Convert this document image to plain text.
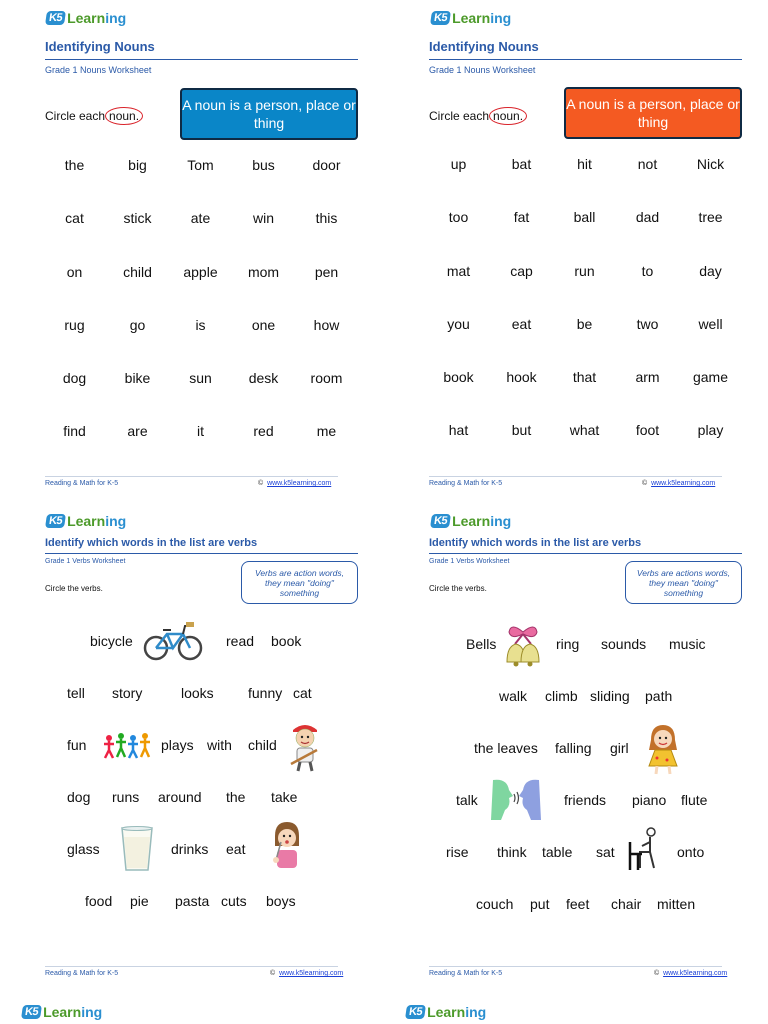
K5 Learning
Identifying Nouns
Grade 1 Nouns Worksheet
Circle each noun.
A noun is a person, place or thing
the	big	Tom	bus	door
cat	stick	ate	win	this
on	child	apple	mom	pen
rug	go	is	one	how
dog	bike	sun	desk	room
find	are	it	red	me
Reading & Math for K-5	© www.k5learning.com
K5 Learning
Identifying Nouns
Grade 1 Nouns Worksheet
Circle each noun.
A noun is a person, place or thing
up	bat	hit	not	Nick
too	fat	ball	dad	tree
mat	cap	run	to	day
you	eat	be	two	well
book	hook	that	arm	game
hat	but	what	foot	play
Reading & Math for K-5	© www.k5learning.com
K5 Learning
Identify which words in the list are verbs
Grade 1 Verbs Worksheet
Circle the verbs.
Verbs are action words, they mean "doing" something
bicycle	read book
tell story	looks funny cat
fun	plays with child
dog runs around the take
glass	drinks eat
food pie pasta cuts boys
Reading & Math for K-5	© www.k5learning.com
K5 Learning
Identify which words in the list are verbs
Grade 1 Verbs Worksheet
Circle the verbs.
Verbs are actions words, they mean "doing" something
Bells	ring sounds music
walk climb sliding path
the leaves falling girl
talk	friends piano flute
rise think table sat	onto
couch put feet chair mitten
Reading & Math for K-5	© www.k5learning.com
K5 Learning	K5 Learning
